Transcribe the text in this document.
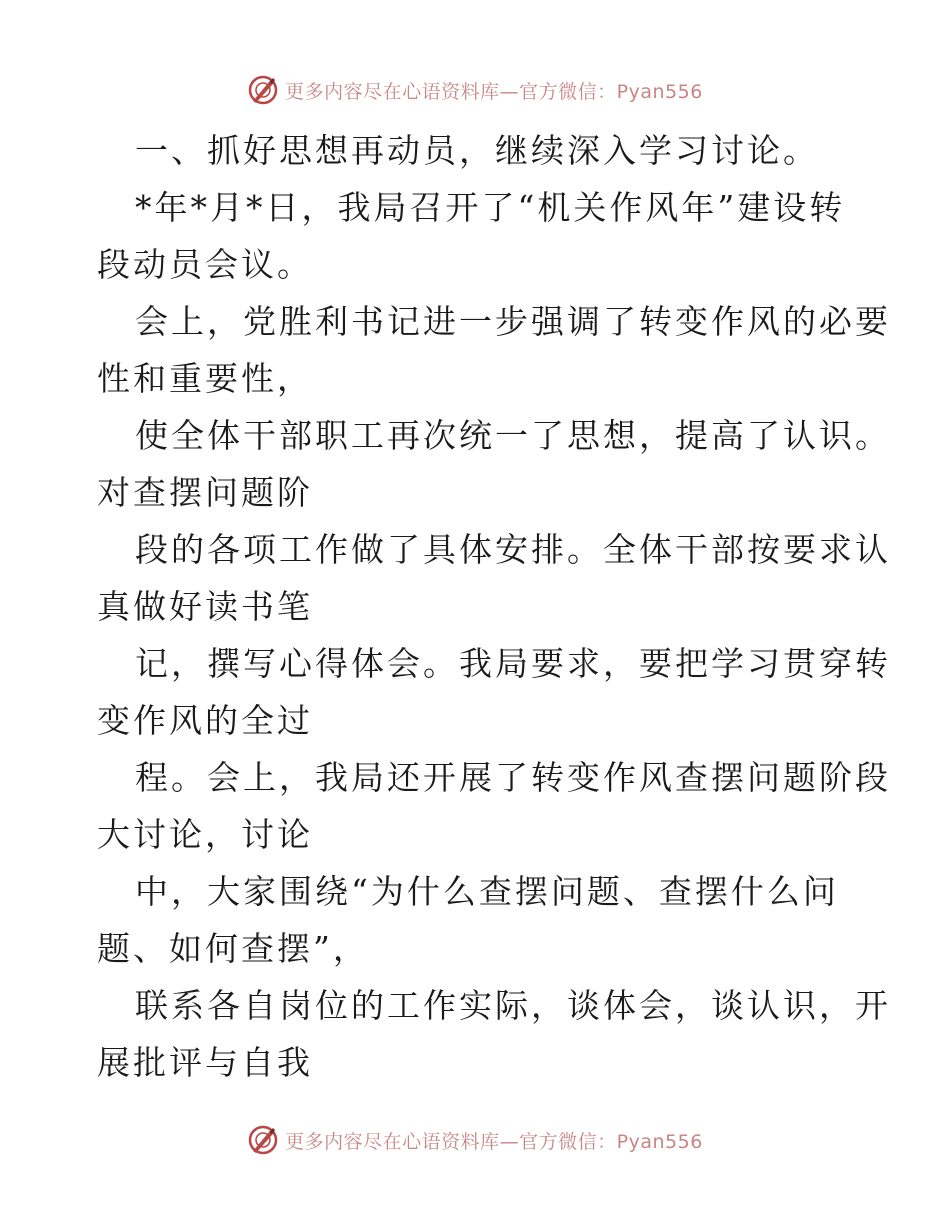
更多内容尽在心语资料库—官方微信：Pyan556

一、抓好思想再动员，继续深入学习讨论。

*年*月*日，我局召开了“机关作风年”建设转

段动员会议。

会上，党胜利书记进一步强调了转变作风的必要

性和重要性，

使全体干部职工再次统一了思想，提高了认识。

对查摆问题阶

段的各项工作做了具体安排。全体干部按要求认

真做好读书笔

记，撰写心得体会。我局要求，要把学习贯穿转

变作风的全过

程。会上，我局还开展了转变作风查摆问题阶段

大讨论，讨论

中，大家围绕“为什么查摆问题、查摆什么问

题、如何查摆”，

联系各自岗位的工作实际，谈体会，谈认识，开

展批评与自我

更多内容尽在心语资料库—官方微信：Pyan556
